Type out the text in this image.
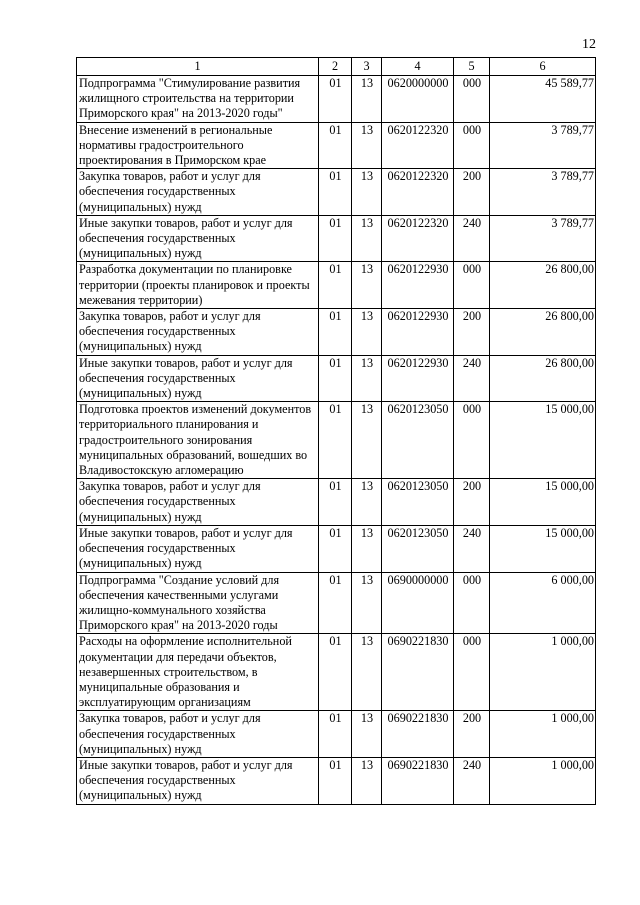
12
1	2	3	4	5	6
Подпрограмма "Стимулирование развития жилищного строительства на территории Приморского края" на 2013-2020 годы"	01	13	0620000000	000	45 589,77
Внесение изменений в региональные нормативы градостроительного проектирования в Приморском крае	01	13	0620122320	000	3 789,77
Закупка товаров, работ и услуг для обеспечения государственных (муниципальных) нужд	01	13	0620122320	200	3 789,77
Иные закупки товаров, работ и услуг для обеспечения государственных (муниципальных) нужд	01	13	0620122320	240	3 789,77
Разработка документации по планировке территории (проекты планировок и проекты межевания территории)	01	13	0620122930	000	26 800,00
Закупка товаров, работ и услуг для обеспечения государственных (муниципальных) нужд	01	13	0620122930	200	26 800,00
Иные закупки товаров, работ и услуг для обеспечения государственных (муниципальных) нужд	01	13	0620122930	240	26 800,00
Подготовка проектов изменений документов территориального планирования и градостроительного зонирования муниципальных образований, вошедших во Владивостокскую агломерацию	01	13	0620123050	000	15 000,00
Закупка товаров, работ и услуг для обеспечения государственных (муниципальных) нужд	01	13	0620123050	200	15 000,00
Иные закупки товаров, работ и услуг для обеспечения государственных (муниципальных) нужд	01	13	0620123050	240	15 000,00
Подпрограмма "Создание условий для обеспечения качественными услугами жилищно-коммунального хозяйства Приморского края" на 2013-2020 годы	01	13	0690000000	000	6 000,00
Расходы на оформление исполнительной документации для передачи объектов, незавершенных строительством, в муниципальные образования и эксплуатирующим организациям	01	13	0690221830	000	1 000,00
Закупка товаров, работ и услуг для обеспечения государственных (муниципальных) нужд	01	13	0690221830	200	1 000,00
Иные закупки товаров, работ и услуг для обеспечения государственных (муниципальных) нужд	01	13	0690221830	240	1 000,00
